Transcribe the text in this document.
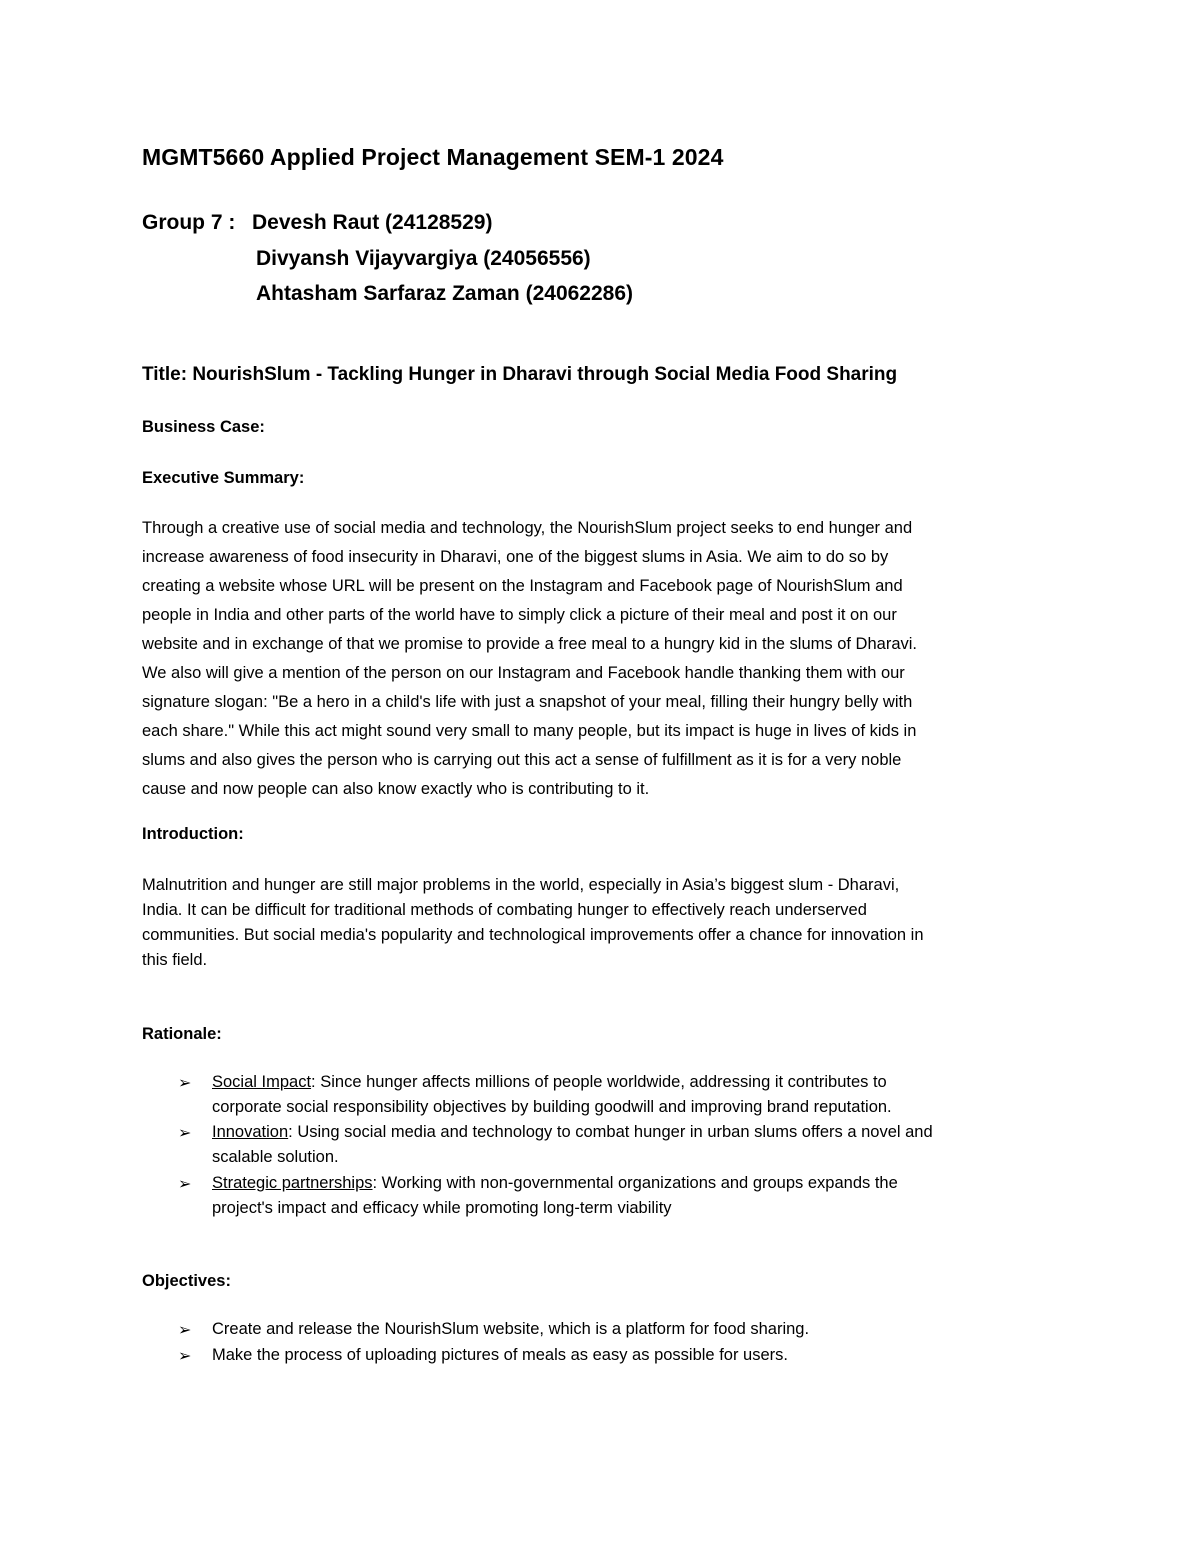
MGMT5660 Applied Project Management SEM-1 2024
Group 7 : Devesh Raut (24128529)
Divyansh Vijayvargiya (24056556)
Ahtasham Sarfaraz Zaman (24062286)
Title: NourishSlum - Tackling Hunger in Dharavi through Social Media Food Sharing
Business Case:
Executive Summary:
Through a creative use of social media and technology, the NourishSlum project seeks to end hunger and
increase awareness of food insecurity in Dharavi, one of the biggest slums in Asia. We aim to do so by
creating a website whose URL will be present on the Instagram and Facebook page of NourishSlum and
people in India and other parts of the world have to simply click a picture of their meal and post it on our
website and in exchange of that we promise to provide a free meal to a hungry kid in the slums of Dharavi.
We also will give a mention of the person on our Instagram and Facebook handle thanking them with our
signature slogan: "Be a hero in a child's life with just a snapshot of your meal, filling their hungry belly with
each share." While this act might sound very small to many people, but its impact is huge in lives of kids in
slums and also gives the person who is carrying out this act a sense of fulfillment as it is for a very noble
cause and now people can also know exactly who is contributing to it.
Introduction:
Malnutrition and hunger are still major problems in the world, especially in Asia’s biggest slum - Dharavi,
India. It can be difficult for traditional methods of combating hunger to effectively reach underserved
communities. But social media's popularity and technological improvements offer a chance for innovation in
this field.
Rationale:
➢ Social Impact: Since hunger affects millions of people worldwide, addressing it contributes to
corporate social responsibility objectives by building goodwill and improving brand reputation.
➢ Innovation: Using social media and technology to combat hunger in urban slums offers a novel and
scalable solution.
➢ Strategic partnerships: Working with non-governmental organizations and groups expands the
project's impact and efficacy while promoting long-term viability
Objectives:
➢ Create and release the NourishSlum website, which is a platform for food sharing.
➢ Make the process of uploading pictures of meals as easy as possible for users.
